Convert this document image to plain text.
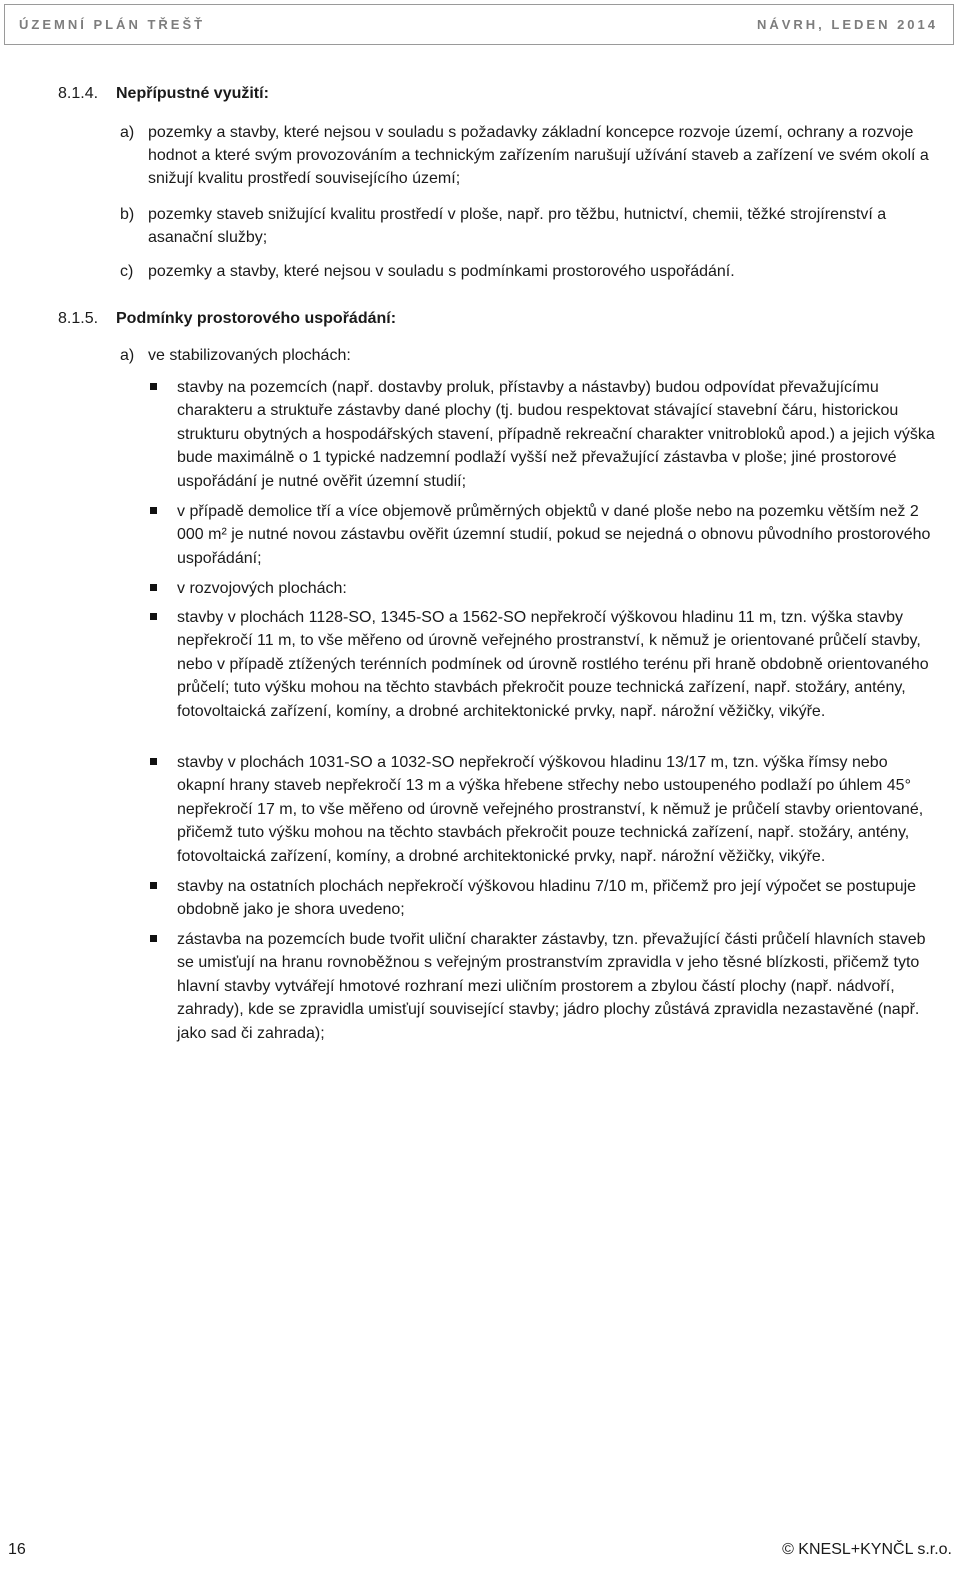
ÚZEMNÍ PLÁN TŘEŠŤ	NÁVRH, LEDEN 2014
8.1.4.	Nepřípustné využití:
a) pozemky a stavby, které nejsou v souladu s požadavky základní koncepce rozvoje území, ochrany a rozvoje hodnot a které svým provozováním a technickým zařízením narušují užívání staveb a zařízení ve svém okolí a snižují kvalitu prostředí souvisejícího území;
b) pozemky staveb snižující kvalitu prostředí v ploše, např. pro těžbu, hutnictví, chemii, těžké strojírenství a asanační služby;
c) pozemky a stavby, které nejsou v souladu s podmínkami prostorového uspořádání.
8.1.5.	Podmínky prostorového uspořádání:
a) ve stabilizovaných plochách:
stavby na pozemcích (např. dostavby proluk, přístavby a nástavby) budou odpovídat převažujícímu charakteru a struktuře zástavby dané plochy (tj. budou respektovat stávající stavební čáru, historickou strukturu obytných a hospodářských stavení, případně rekreační charakter vnitrobloků apod.) a jejich výška bude maximálně o 1 typické nadzemní podlaží vyšší než převažující zástavba v ploše; jiné prostorové uspořádání je nutné ověřit územní studií;
v případě demolice tří a více objemově průměrných objektů v dané ploše nebo na pozemku větším než 2 000 m² je nutné novou zástavbu ověřit územní studií, pokud se nejedná o obnovu původního prostorového uspořádání;
v rozvojových plochách:
stavby v plochách 1128-SO, 1345-SO a 1562-SO nepřekročí výškovou hladinu 11 m, tzn. výška stavby nepřekročí 11 m, to vše měřeno od úrovně veřejného prostranství, k němuž je orientované průčelí stavby, nebo v případě ztížených terénních podmínek od úrovně rostlého terénu při hraně obdobně orientovaného průčelí; tuto výšku mohou na těchto stavbách překročit pouze technická zařízení, např. stožáry, antény, fotovoltaická zařízení, komíny, a drobné architektonické prvky, např. nárožní věžičky, vikýře.
stavby v plochách 1031-SO a 1032-SO nepřekročí výškovou hladinu 13/17 m, tzn. výška římsy nebo okapní hrany staveb nepřekročí 13 m a výška hřebene střechy nebo ustoupeného podlaží po úhlem 45° nepřekročí 17 m, to vše měřeno od úrovně veřejného prostranství, k němuž je průčelí stavby orientované, přičemž tuto výšku mohou na těchto stavbách překročit pouze technická zařízení, např. stožáry, antény, fotovoltaická zařízení, komíny, a drobné architektonické prvky, např. nárožní věžičky, vikýře.
stavby na ostatních plochách nepřekročí výškovou hladinu 7/10 m, přičemž pro její výpočet se postupuje obdobně jako je shora uvedeno;
zástavba na pozemcích bude tvořit uliční charakter zástavby, tzn. převažující části průčelí hlavních staveb se umisťují na hranu rovnoběžnou s veřejným prostranstvím zpravidla v jeho těsné blízkosti, přičemž tyto hlavní stavby vytvářejí hmotové rozhraní mezi uličním prostorem a zbylou částí plochy (např. nádvoří, zahrady), kde se zpravidla umisťují související stavby; jádro plochy zůstává zpravidla nezastavěné (např. jako sad či zahrada);
16	© KNESL+KYNČL s.r.o.
